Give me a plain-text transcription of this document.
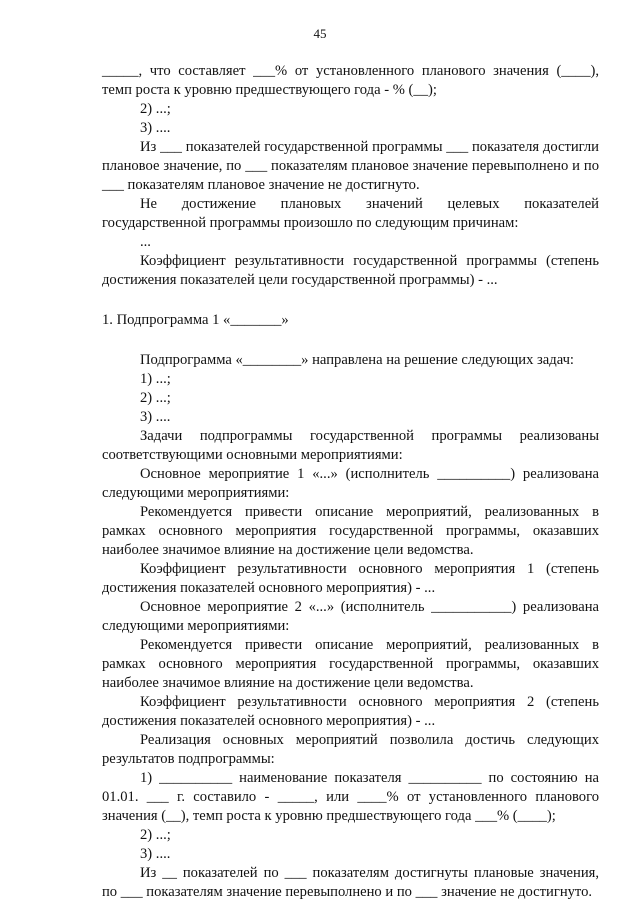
45

_____, что составляет ___% от установленного планового значения (____),

темп роста к уровню предшествующего года - % (__);

2) ...;

3) ....

Из ___ показателей государственной программы ___ показателя достигли плановое значение, по ___ показателям плановое значение перевыполнено и по ___ показателям плановое значение не достигнуто.

Не достижение плановых значений целевых показателей государственной программы произошло по следующим причинам:

...

Коэффициент результативности государственной программы (степень достижения показателей цели государственной программы) - ...

1. Подпрограмма 1 «_______»

Подпрограмма «________» направлена на решение следующих задач:

1) ...;

2) ...;

3) ....

Задачи подпрограммы государственной программы реализованы соответствующими основными мероприятиями:

Основное мероприятие 1 «...» (исполнитель __________) реализована следующими мероприятиями:

Рекомендуется привести описание мероприятий, реализованных в рамках основного мероприятия государственной программы, оказавших наиболее значимое влияние на достижение цели ведомства.

Коэффициент результативности основного мероприятия 1 (степень достижения показателей основного мероприятия) - ...

Основное мероприятие 2 «...» (исполнитель ___________) реализована следующими мероприятиями:

Рекомендуется привести описание мероприятий, реализованных в рамках основного мероприятия государственной программы, оказавших наиболее значимое влияние на достижение цели ведомства.

Коэффициент результативности основного мероприятия 2 (степень достижения показателей основного мероприятия) - ...

Реализация основных мероприятий позволила достичь следующих результатов подпрограммы:

1) __________ наименование показателя __________ по состоянию на 01.01. ___ г. составило - _____, или ____% от установленного планового значения (__), темп роста к уровню предшествующего года ___% (____);

2) ...;

3) ....

Из __ показателей по ___ показателям достигнуты плановые значения, по ___ показателям значение перевыполнено и по ___ значение не достигнуто.
